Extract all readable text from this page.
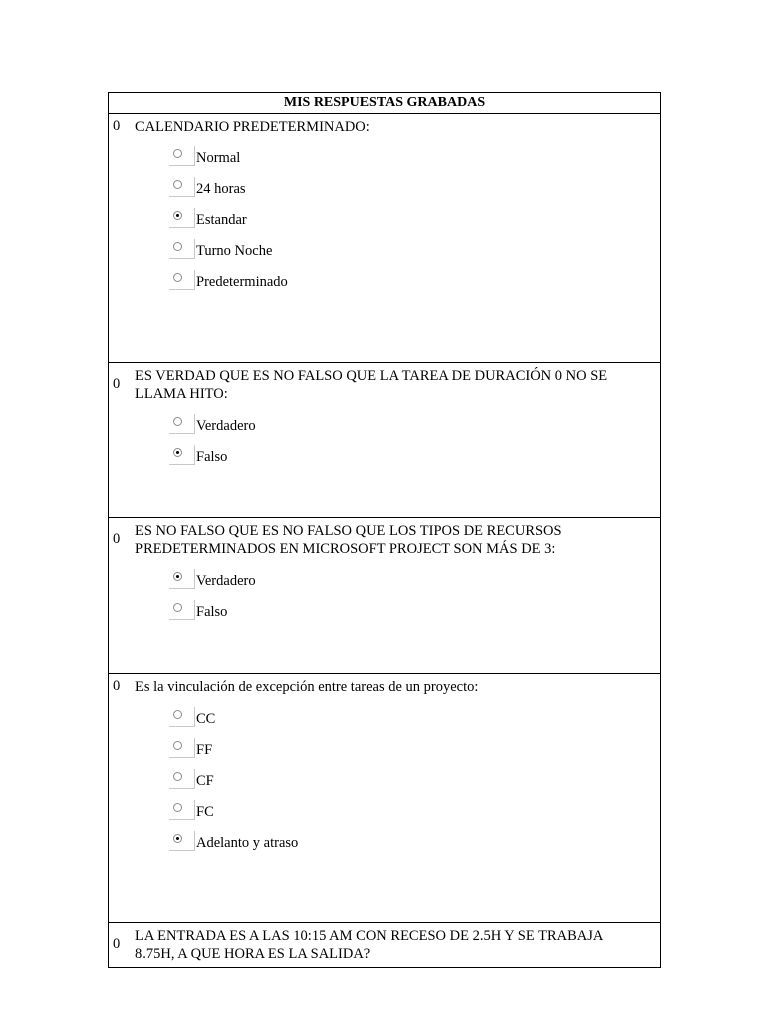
MIS RESPUESTAS GRABADAS
0 CALENDARIO PREDETERMINADO:
Normal
24 horas
Estandar
Turno Noche
Predeterminado
0 ES VERDAD QUE ES NO FALSO QUE LA TAREA DE DURACIÓN 0 NO SE LLAMA HITO:
Verdadero
Falso
0 ES NO FALSO QUE ES NO FALSO QUE LOS TIPOS DE RECURSOS PREDETERMINADOS EN MICROSOFT PROJECT SON MÁS DE 3:
Verdadero
Falso
0 Es la vinculación de excepción entre tareas de un proyecto:
CC
FF
CF
FC
Adelanto y atraso
0 LA ENTRADA ES A LAS 10:15 AM CON RECESO DE 2.5H Y SE TRABAJA 8.75H, A QUE HORA ES LA SALIDA?
